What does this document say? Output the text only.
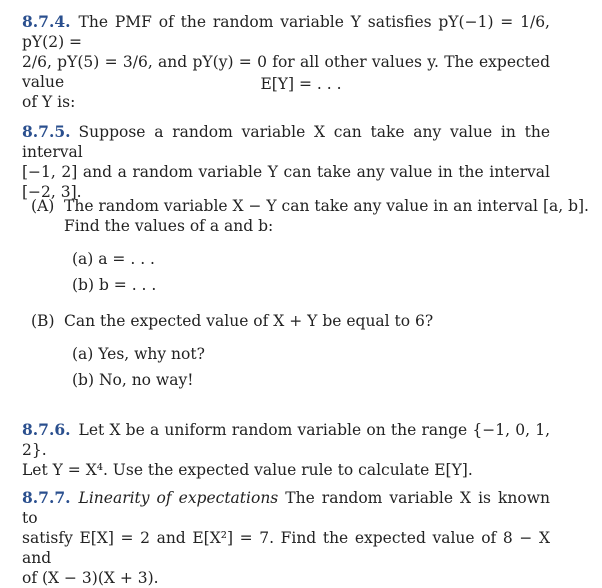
8.7.4. The PMF of the random variable Y satisfies pY(−1) = 1/6, pY(2) =
2/6, pY(5) = 3/6, and pY(y) = 0 for all other values y. The expected value
of Y is:
E[Y] = . . .
8.7.5. Suppose a random variable X can take any value in the interval
[−1, 2] and a random variable Y can take any value in the interval [−2, 3].
(A) The random variable X − Y can take any value in an interval [a, b].
Find the values of a and b:
(a) a = . . .
(b) b = . . .
(B) Can the expected value of X + Y be equal to 6?
(a) Yes, why not?
(b) No, no way!
8.7.6. Let X be a uniform random variable on the range {−1, 0, 1, 2}.
Let Y = X⁴. Use the expected value rule to calculate E[Y].
8.7.7. Linearity of expectations The random variable X is known to
satisfy E[X] = 2 and E[X²] = 7. Find the expected value of 8 − X and
of (X − 3)(X + 3).
